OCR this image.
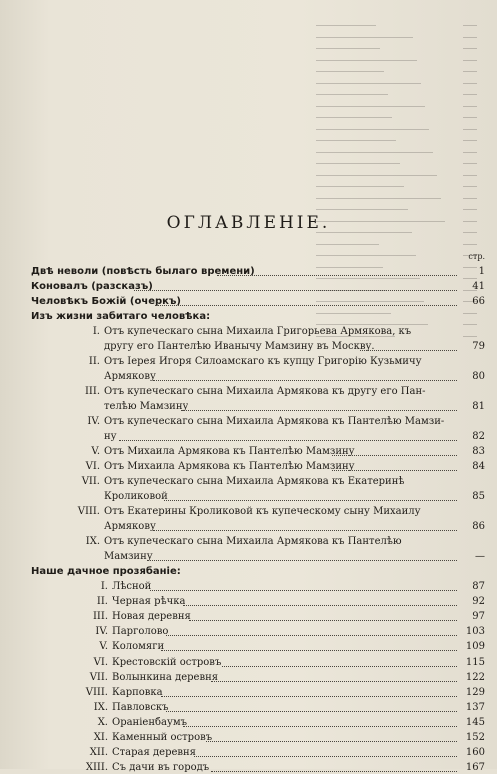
ОГЛАВЛЕНIЕ.
стр.
Двѣ неволи (повѣсть былаго времени)	1
Коновалъ (разсказъ)	41
Человѣкъ Божій (очеркъ)	66
Изъ жизни забитаго человѣка:
I. Отъ купеческаго сына Михаила Григорьева Армякова, къ
другу его Пантелѣю Иванычу Мамзину въ Москву.	79
II. Отъ Іерея Игоря Силоамскаго къ купцу Григорію Кузьмичу
Армякову	80
III. Отъ купеческаго сына Михаила Армякова къ другу его Пан-
телѣю Мамзину	81
IV. Отъ купеческаго сына Михаила Армякова къ Пантелѣю Мамзи-
ну	82
V. Отъ Михаила Армякова къ Пантелѣю Мамзину	83
VI. Отъ Михаила Армякова къ Пантелѣю Мамзину	84
VII. Отъ купеческаго сына Михаила Армякова къ Екатеринѣ
Кроликовой	85
VIII. Отъ Екатерины Кроликовой къ купеческому сыну Михаилу
Армякову	86
IX. Отъ купеческаго сына Михаила Армякова къ Пантелѣю
Мамзину	—
Наше дачное прозябаніе:
I. Лѣсной	87
II. Черная рѣчка	92
III. Новая деревня	97
IV. Парголово	103
V. Коломяги	109
VI. Крестовскій островъ	115
VII. Волынкина деревня	122
VIII. Карповка	129
IX. Павловскъ	137
X. Ораніенбаумъ	145
XI. Каменный островъ	152
XII. Старая деревня	160
XIII. Съ дачи въ городъ	167
